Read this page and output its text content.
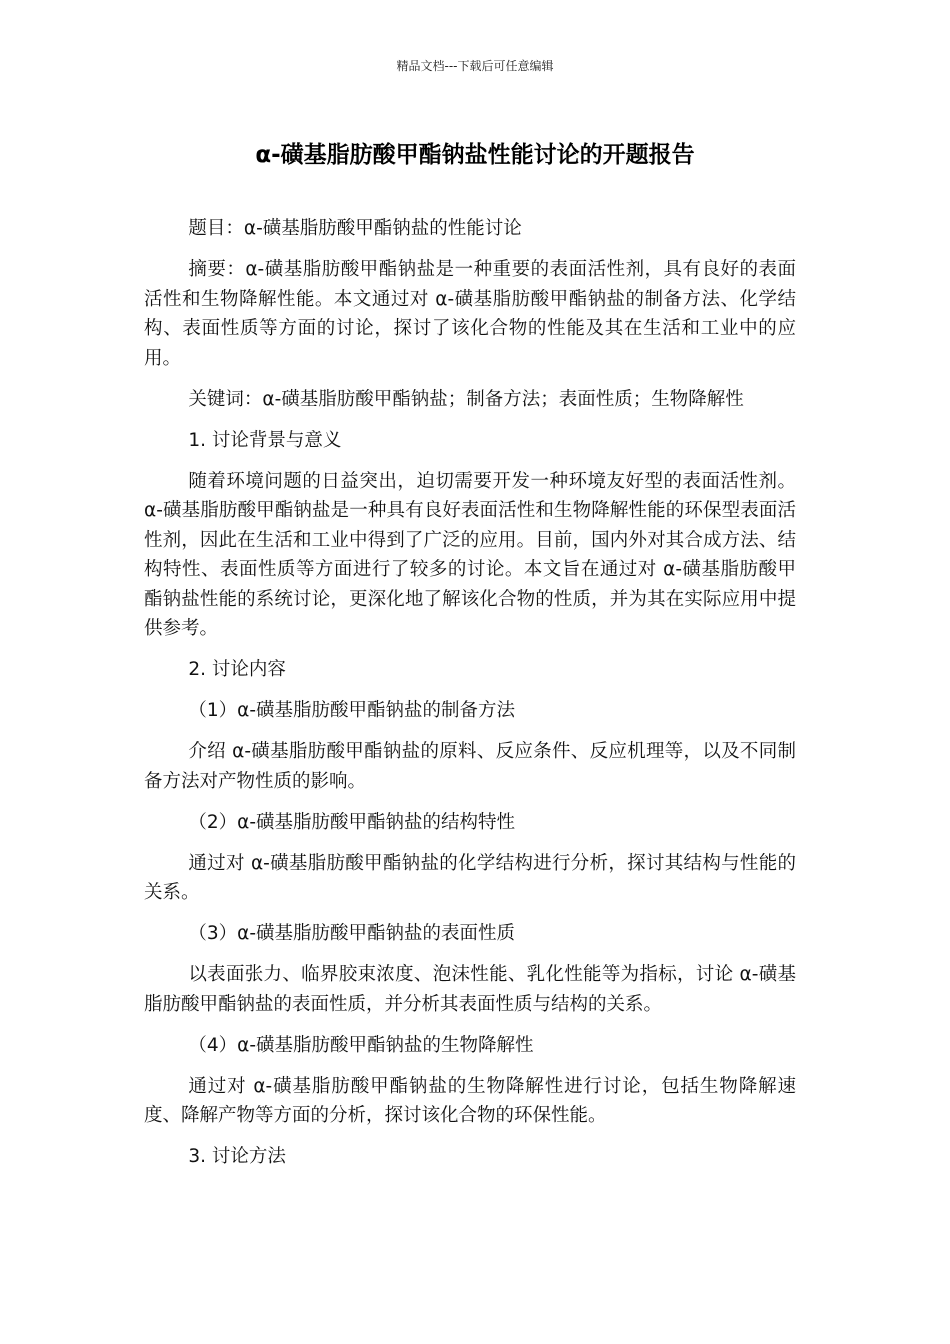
精品文档---下载后可任意编辑
α-磺基脂肪酸甲酯钠盐性能讨论的开题报告

题目：α-磺基脂肪酸甲酯钠盐的性能讨论

摘要：α-磺基脂肪酸甲酯钠盐是一种重要的表面活性剂，具有良好的表面活性和生物降解性能。本文通过对 α-磺基脂肪酸甲酯钠盐的制备方法、化学结构、表面性质等方面的讨论，探讨了该化合物的性能及其在生活和工业中的应用。

关键词：α-磺基脂肪酸甲酯钠盐；制备方法；表面性质；生物降解性

1. 讨论背景与意义

随着环境问题的日益突出，迫切需要开发一种环境友好型的表面活性剂。α-磺基脂肪酸甲酯钠盐是一种具有良好表面活性和生物降解性能的环保型表面活性剂，因此在生活和工业中得到了广泛的应用。目前，国内外对其合成方法、结构特性、表面性质等方面进行了较多的讨论。本文旨在通过对 α-磺基脂肪酸甲酯钠盐性能的系统讨论，更深化地了解该化合物的性质，并为其在实际应用中提供参考。

2. 讨论内容

（1）α-磺基脂肪酸甲酯钠盐的制备方法

介绍 α-磺基脂肪酸甲酯钠盐的原料、反应条件、反应机理等，以及不同制备方法对产物性质的影响。

（2）α-磺基脂肪酸甲酯钠盐的结构特性

通过对 α-磺基脂肪酸甲酯钠盐的化学结构进行分析，探讨其结构与性能的关系。

（3）α-磺基脂肪酸甲酯钠盐的表面性质

以表面张力、临界胶束浓度、泡沫性能、乳化性能等为指标，讨论 α-磺基脂肪酸甲酯钠盐的表面性质，并分析其表面性质与结构的关系。

（4）α-磺基脂肪酸甲酯钠盐的生物降解性

通过对 α-磺基脂肪酸甲酯钠盐的生物降解性进行讨论，包括生物降解速度、降解产物等方面的分析，探讨该化合物的环保性能。

3. 讨论方法
